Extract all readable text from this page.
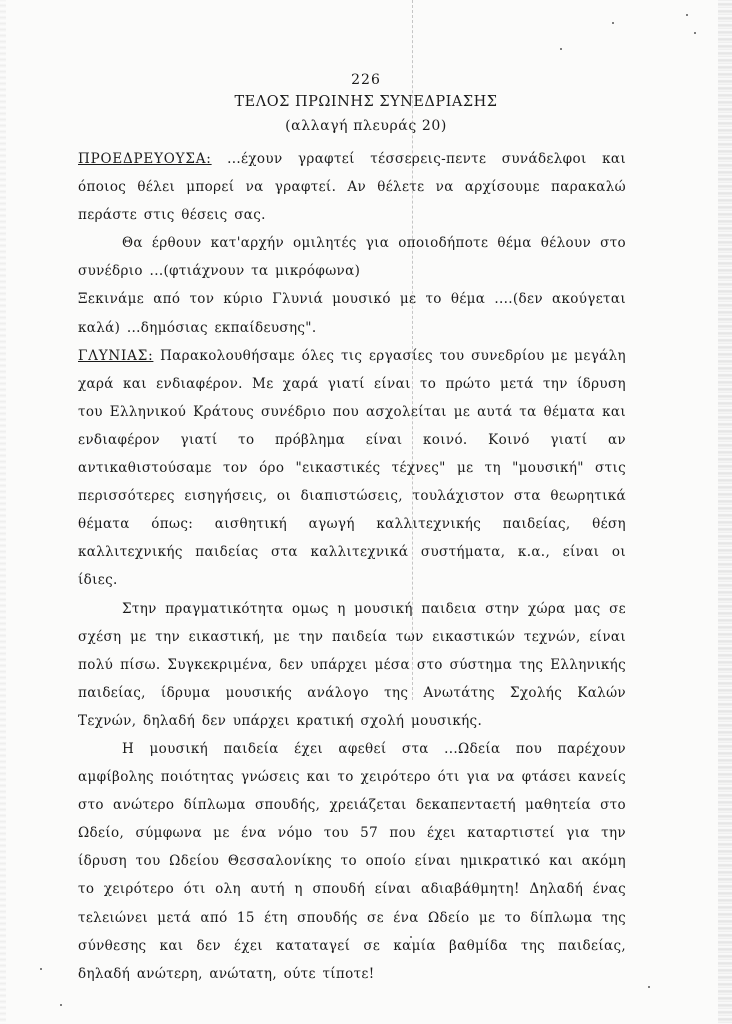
226
ΤΕΛΟΣ ΠΡΩΙΝΗΣ ΣΥΝΕΔΡΙΑΣΗΣ
(αλλαγή πλευράς 20)

ΠΡΟΕΔΡΕΥΟΥΣΑ: ...έχουν γραφτεί τέσσερεις-πεντε συνάδελφοι και όποιος θέλει μπορεί να γραφτεί. Αν θέλετε να αρχίσουμε παρακαλώ περάστε στις θέσεις σας.

Θα έρθουν κατ'αρχήν ομιλητές για οποιοδήποτε θέμα θέλουν στο συνέδριο ...(φτιάχνουν τα μικρόφωνα)

Ξεκινάμε από τον κύριο Γλυνιά μουσικό με το θέμα ....(δεν ακούγεται καλά) ...δημόσιας εκπαίδευσης".

ΓΛΥΝΙΑΣ: Παρακολουθήσαμε όλες τις εργασίες του συνεδρίου με μεγάλη χαρά και ενδιαφέρον. Με χαρά γιατί είναι το πρώτο μετά την ίδρυση του Ελληνικού Κράτους συνέδριο που ασχολείται με αυτά τα θέματα και ενδιαφέρον γιατί το πρόβλημα είναι κοινό. Κοινό γιατί αν αντικαθιστούσαμε τον όρο "εικαστικές τέχνες" με τη "μουσική" στις περισσότερες εισηγήσεις, οι διαπιστώσεις, τουλάχιστον στα θεωρητικά θέματα όπως: αισθητική αγωγή καλλιτεχνικής παιδείας, θέση καλλιτεχνικής παιδείας στα καλλιτεχνικά συστήματα, κ.α., είναι οι ίδιες.

Στην πραγματικότητα ομως η μουσική παιδεια στην χώρα μας σε σχέση με την εικαστική, με την παιδεία των εικαστικών τεχνών, είναι πολύ πίσω. Συγκεκριμένα, δεν υπάρχει μέσα στο σύστημα της Ελληνικής παιδείας, ίδρυμα μουσικής ανάλογο της Ανωτάτης Σχολής Καλών Τεχνών, δηλαδή δεν υπάρχει κρατική σχολή μουσικής.

Η μουσική παιδεία έχει αφεθεί στα ...Ωδεία που παρέχουν αμφίβολης ποιότητας γνώσεις και το χειρότερο ότι για να φτάσει κανείς στο ανώτερο δίπλωμα σπουδής, χρειάζεται δεκαπενταετή μαθητεία στο Ωδείο, σύμφωνα με ένα νόμο του 57 που έχει καταρτιστεί για την ίδρυση του Ωδείου Θεσσαλονίκης το οποίο είναι ημικρατικό και ακόμη το χειρότερο ότι ολη αυτή η σπουδή είναι αδιαβάθμητη! Δηλαδή ένας τελειώνει μετά από 15 έτη σπουδής σε ένα Ωδείο με το δίπλωμα της σύνθεσης και δεν έχει καταταγεί σε καμία βαθμίδα της παιδείας, δηλαδή ανώτερη, ανώτατη, ούτε τίποτε!
